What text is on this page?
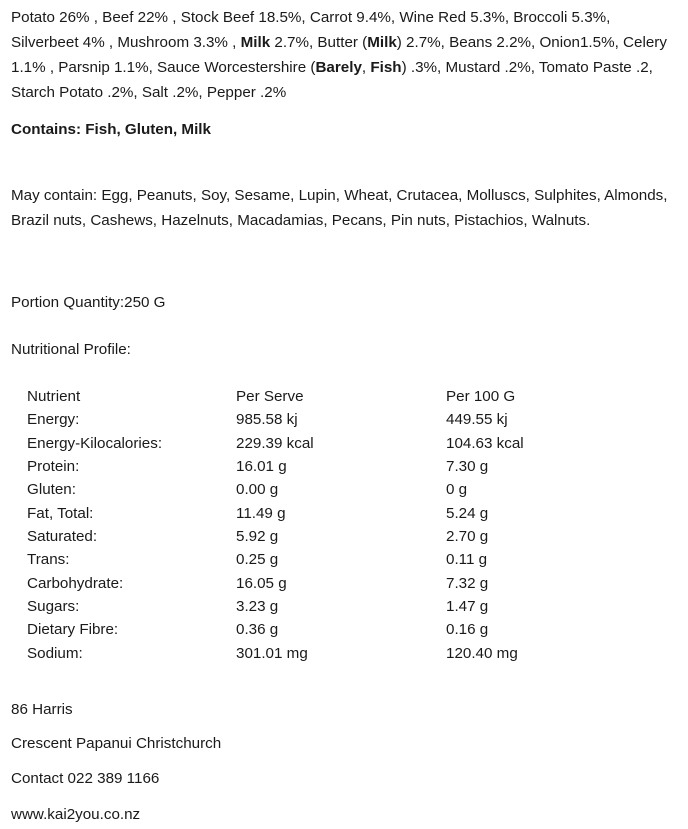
Potato 26% , Beef 22% , Stock Beef 18.5%, Carrot 9.4%, Wine Red 5.3%, Broccoli 5.3%, Silverbeet 4% , Mushroom 3.3% , Milk 2.7%, Butter (Milk) 2.7%, Beans 2.2%, Onion1.5%, Celery 1.1% , Parsnip 1.1%, Sauce Worcestershire (Barely, Fish) .3%, Mustard .2%, Tomato Paste .2, Starch Potato .2%, Salt .2%, Pepper .2%

Contains: Fish, Gluten, Milk
May contain: Egg, Peanuts, Soy, Sesame, Lupin, Wheat, Crutacea, Molluscs, Sulphites, Almonds, Brazil nuts, Cashews, Hazelnuts, Macadamias, Pecans, Pin nuts, Pistachios, Walnuts.
Portion Quantity:250 G
Nutritional Profile:
Nutrient	Per Serve	Per 100 G
Energy:	985.58 kj	449.55 kj
Energy-Kilocalories:	229.39 kcal	104.63 kcal
Protein:	16.01 g	7.30 g
Gluten:	0.00 g	0 g
Fat, Total:	11.49 g	5.24 g
Saturated:	5.92 g	2.70 g
Trans:	0.25 g	0.11 g
Carbohydrate:	16.05 g	7.32 g
Sugars:	3.23 g	1.47 g
Dietary Fibre:	0.36 g	0.16 g
Sodium:	301.01 mg	120.40 mg
86 Harris
Crescent Papanui Christchurch
Contact 022 389 1166
www.kai2you.co.nz
